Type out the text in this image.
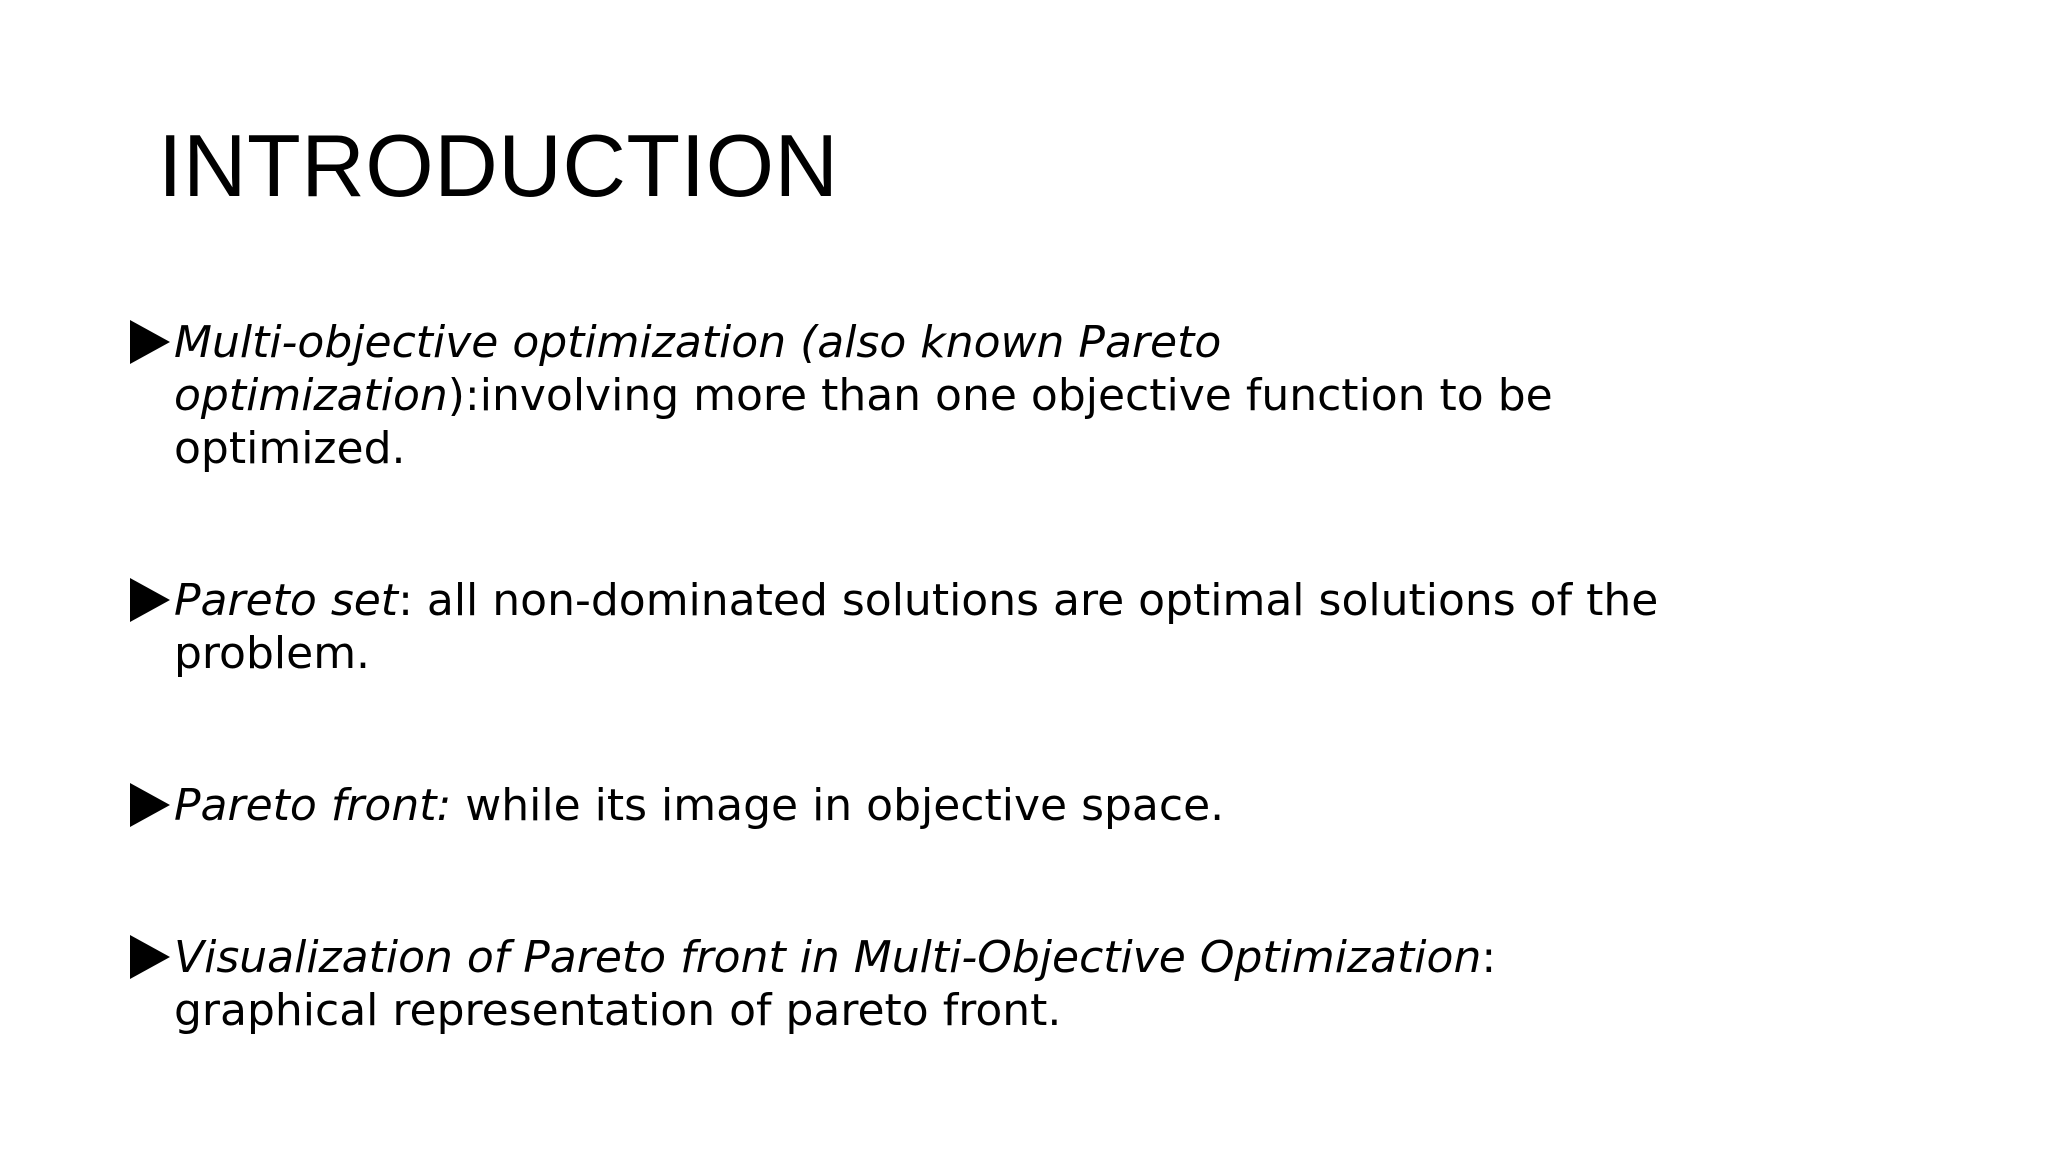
INTRODUCTION
Multi-objective optimization (also known Pareto optimization):involving more than one objective function to be optimized.
Pareto set: all non-dominated solutions are optimal solutions of the problem.
Pareto front: while its image in objective space.
Visualization of Pareto front in Multi-Objective Optimization: graphical representation of pareto front.
